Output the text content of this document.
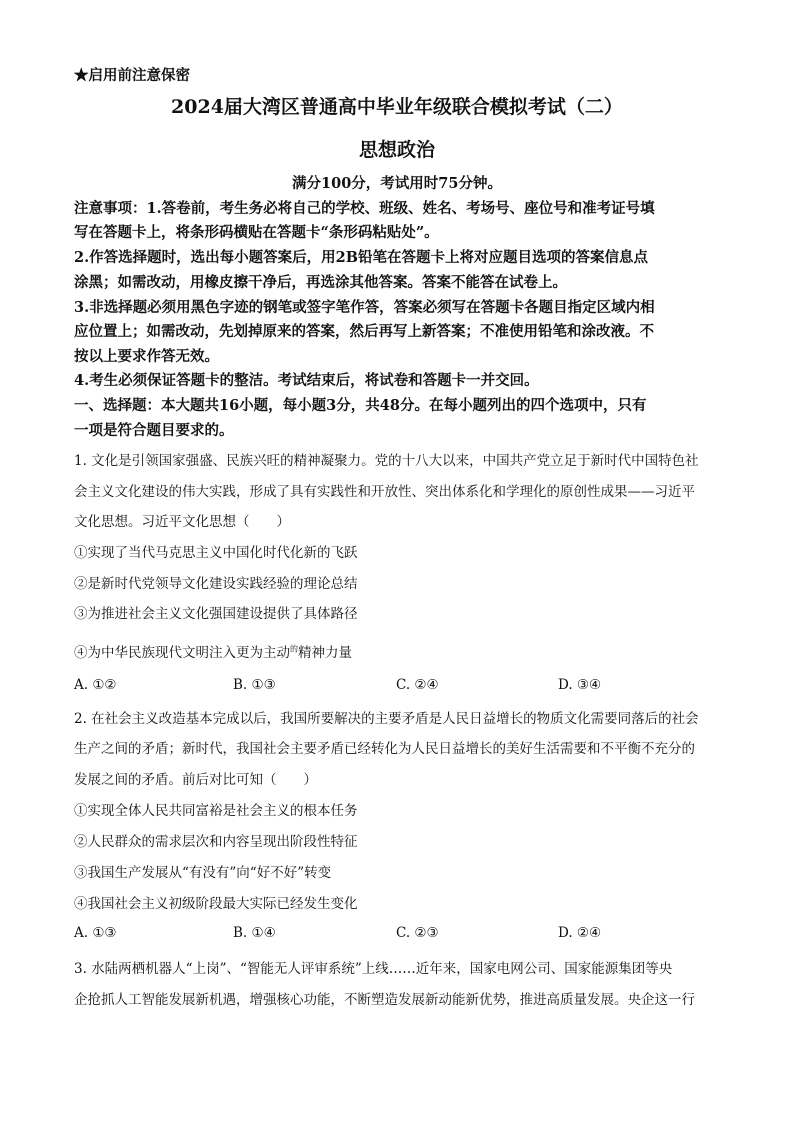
★启用前注意保密
2024届大湾区普通高中毕业年级联合模拟考试（二）
思想政治
满分100分，考试用时75分钟。
注意事项：1.答卷前，考生务必将自己的学校、班级、姓名、考场号、座位号和准考证号填
写在答题卡上，将条形码横贴在答题卡“条形码粘贴处”。
2.作答选择题时，选出每小题答案后，用2B铅笔在答题卡上将对应题目选项的答案信息点
涂黑；如需改动，用橡皮擦干净后，再选涂其他答案。答案不能答在试卷上。
3.非选择题必须用黑色字迹的钢笔或签字笔作答，答案必须写在答题卡各题目指定区域内相
应位置上；如需改动，先划掉原来的答案，然后再写上新答案；不准使用铅笔和涂改液。不
按以上要求作答无效。
4.考生必须保证答题卡的整洁。考试结束后，将试卷和答题卡一并交回。
一、选择题：本大题共16小题，每小题3分，共48分。在每小题列出的四个选项中，只有
一项是符合题目要求的。
1. 文化是引领国家强盛、民族兴旺的精神凝聚力。党的十八大以来，中国共产党立足于新时代中国特色社
会主义文化建设的伟大实践，形成了具有实践性和开放性、突出体系化和学理化的原创性成果——习近平
文化思想。习近平文化思想（　　）
①实现了当代马克思主义中国化时代化新的飞跃
②是新时代党领导文化建设实践经验的理论总结
③为推进社会主义文化强国建设提供了具体路径
④为中华民族现代文明注入更为主动$^的$精神力量
A. ①②	B. ①③	C. ②④	D. ③④
2. 在社会主义改造基本完成以后，我国所要解决的主要矛盾是人民日益增长的物质文化需要同落后的社会
生产之间的矛盾；新时代，我国社会主要矛盾已经转化为人民日益增长的美好生活需要和不平衡不充分的
发展之间的矛盾。前后对比可知（　　）
①实现全体人民共同富裕是社会主义的根本任务
②人民群众的需求层次和内容呈现出阶段性特征
③我国生产发展从“有没有”向“好不好”转变
④我国社会主义初级阶段最大实际已经发生变化
A. ①③	B. ①④	C. ②③	D. ②④
3. 水陆两栖机器人“上岗”、“智能无人评审系统”上线……近年来，国家电网公司、国家能源集团等央
企抢抓人工智能发展新机遇，增强核心功能，不断塑造发展新动能新优势，推进高质量发展。央企这一行
